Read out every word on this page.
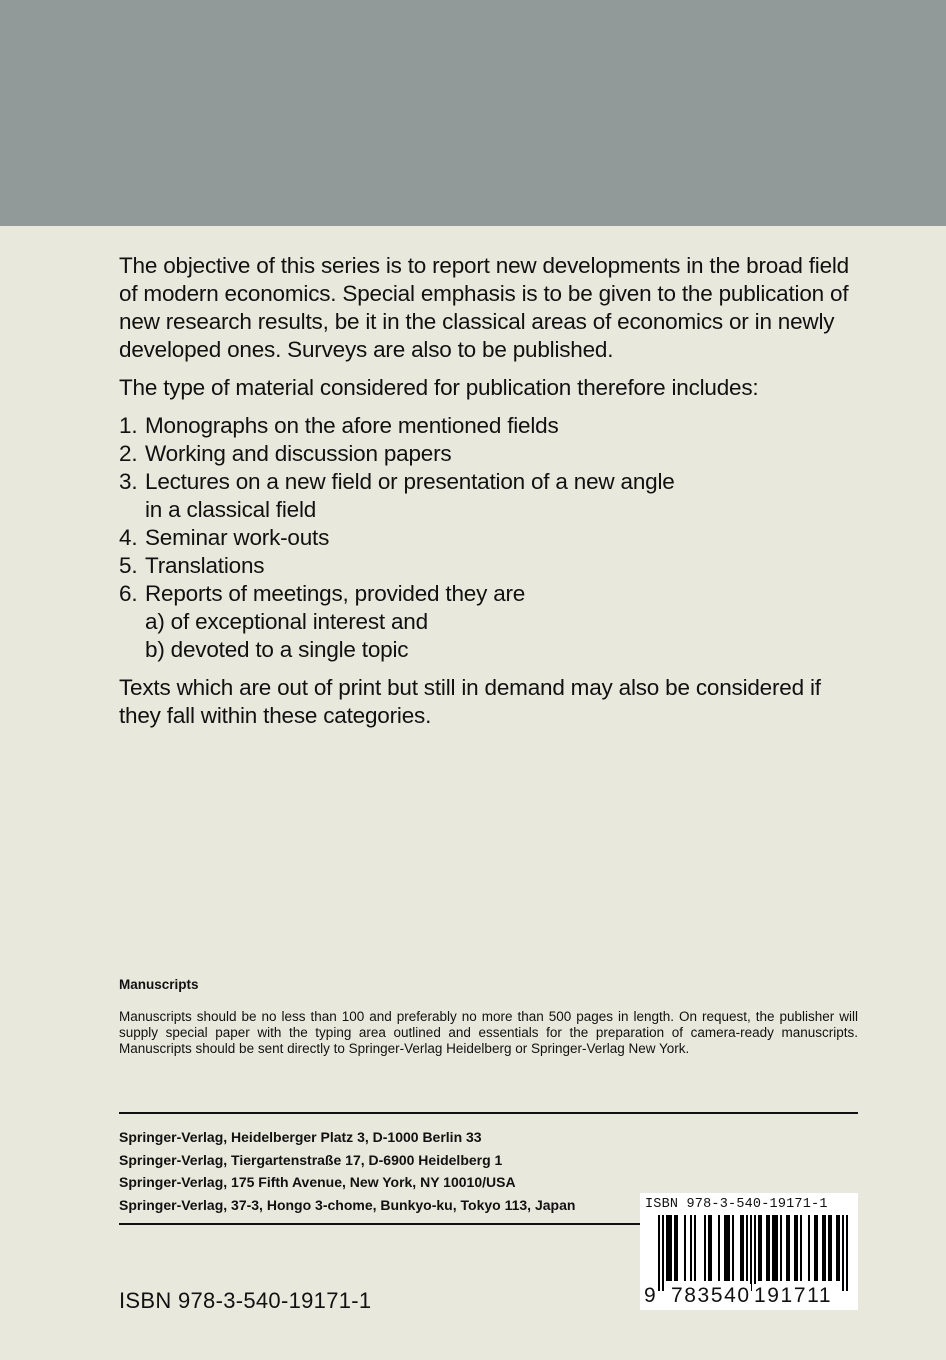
The objective of this series is to report new developments in the broad field of modern economics. Special emphasis is to be given to the publication of new research results, be it in the classical areas of economics or in newly developed ones. Surveys are also to be published.

The type of material considered for publication therefore includes:

1. Monographs on the afore mentioned fields
2. Working and discussion papers
3. Lectures on a new field or presentation of a new angle
in a classical field
4. Seminar work-outs
5. Translations
6. Reports of meetings, provided they are
a) of exceptional interest and
b) devoted to a single topic

Texts which are out of print but still in demand may also be considered if they fall within these categories.

Manuscripts

Manuscripts should be no less than 100 and preferably no more than 500 pages in length. On request, the publisher will supply special paper with the typing area outlined and essentials for the preparation of camera-ready manuscripts. Manuscripts should be sent directly to Springer-Verlag Heidelberg or Springer-Verlag New York.

Springer-Verlag, Heidelberger Platz 3, D-1000 Berlin 33
Springer-Verlag, Tiergartenstraße 17, D-6900 Heidelberg 1
Springer-Verlag, 175 Fifth Avenue, New York, NY 10010/USA
Springer-Verlag, 37-3, Hongo 3-chome, Bunkyo-ku, Tokyo 113, Japan
ISBN 978-3-540-19171-1
ISBN 978-3-540-19171-1
9 783540 191711
